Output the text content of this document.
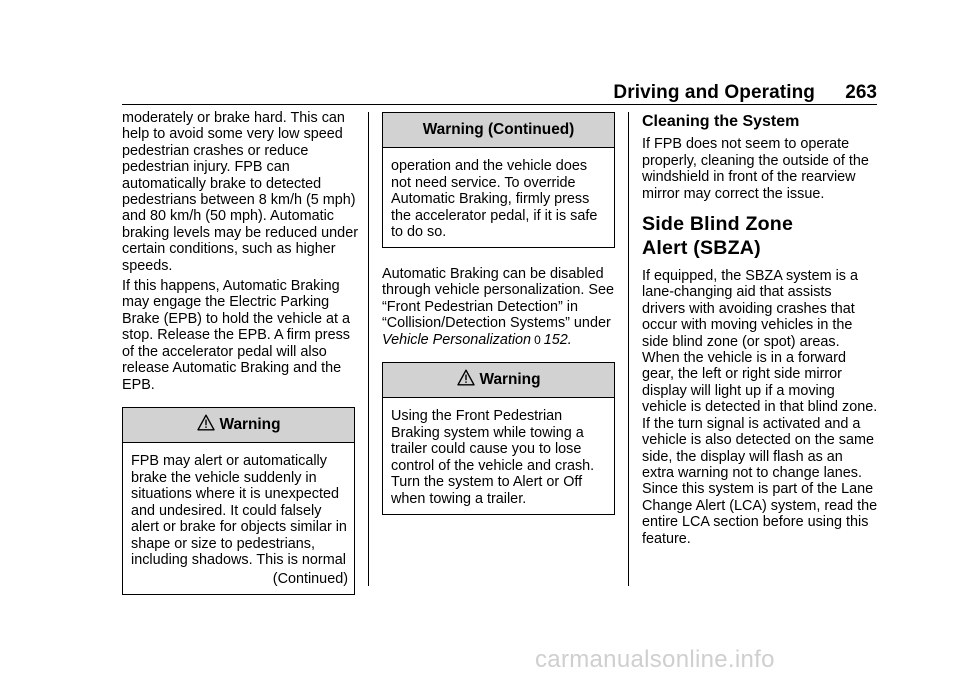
Driving and Operating 263

moderately or brake hard. This can help to avoid some very low speed pedestrian crashes or reduce pedestrian injury. FPB can automatically brake to detected pedestrians between 8 km/h (5 mph) and 80 km/h (50 mph). Automatic braking levels may be reduced under certain conditions, such as higher speeds.

If this happens, Automatic Braking may engage the Electric Parking Brake (EPB) to hold the vehicle at a stop. Release the EPB. A firm press of the accelerator pedal will also release Automatic Braking and the EPB.

Warning
FPB may alert or automatically brake the vehicle suddenly in situations where it is unexpected and undesired. It could falsely alert or brake for objects similar in shape or size to pedestrians, including shadows. This is normal
(Continued)
Warning (Continued)
operation and the vehicle does not need service. To override Automatic Braking, firmly press the accelerator pedal, if it is safe to do so.

Automatic Braking can be disabled through vehicle personalization. See “Front Pedestrian Detection” in “Collision/Detection Systems” under Vehicle Personalization 0 152.

Warning
Using the Front Pedestrian Braking system while towing a trailer could cause you to lose control of the vehicle and crash. Turn the system to Alert or Off when towing a trailer.
Cleaning the System

If FPB does not seem to operate properly, cleaning the outside of the windshield in front of the rearview mirror may correct the issue.

Side Blind Zone
Alert (SBZA)

If equipped, the SBZA system is a lane-changing aid that assists drivers with avoiding crashes that occur with moving vehicles in the side blind zone (or spot) areas. When the vehicle is in a forward gear, the left or right side mirror display will light up if a moving vehicle is detected in that blind zone. If the turn signal is activated and a vehicle is also detected on the same side, the display will flash as an extra warning not to change lanes. Since this system is part of the Lane Change Alert (LCA) system, read the entire LCA section before using this feature.

carmanualsonline.info
